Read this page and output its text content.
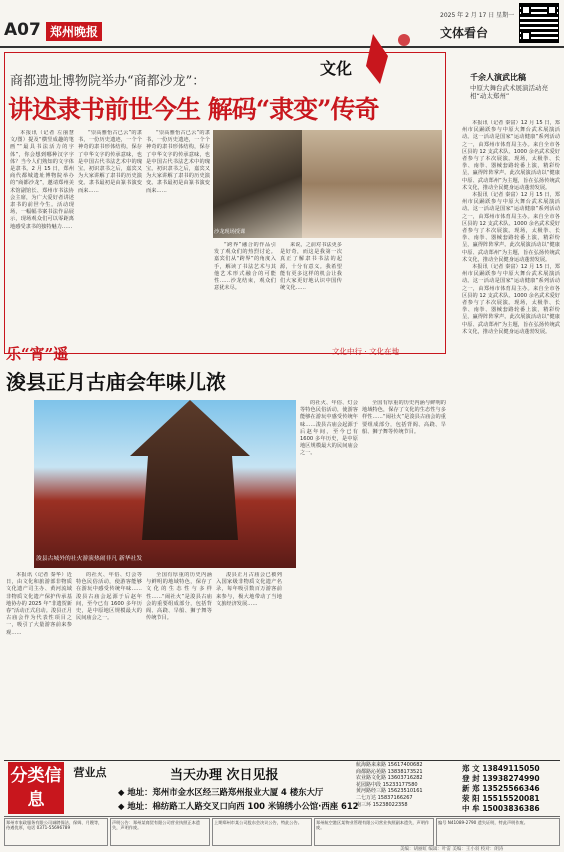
A07 郑州晚报
2025 年 2 月 17 日 星期一
文体看台
文化
商都遗址博物院举办“商都沙龙”：
讲述隶书前世今生 解码“隶变”传奇

本报讯（记者 左丽慧 文/图）提及“横竖成趣的笔画”“最具书法活力的字体”，你会想到哪种汉字字体？当今人们熟知的文字体是隶书。2 月 15 日，郑州商代都城遗址博物院举办的“商都沙龙”，邀请郑州美术馆副馆长、郑州市书法协会主席，为广大爱好者讲述隶书的前世今生。活动现场，一幅幅书案书法作品展示，现场观众们可以零距离地感受隶书的独特魅力……

“崇高雅怡古已云”的隶书，一份历史遗迹，一个个神奇的隶书形体结构，保存了中华文字的传承意味，也是中国古代书法艺术中的瑰宝。初识隶书之后，嘉宾又为大家讲解了隶书的历史演变。隶书最初是由篆书演变而来……

“崇高雅怡古已云”的隶书，一份历史遗迹，一个个神奇的隶书形体结构，保存了中华文字的传承意味，也是中国古代书法艺术中的瑰宝。初识隶书之后，嘉宾又为大家讲解了隶书的历史演变。隶书最初是由篆书演变而来……

沙龙现场授课

“跨界”融合的作品引发了观众们的热烈讨论。嘉宾们从“跨界”的角度入手，解读了书法艺术与其他艺术形式融合的可能性……沙龙结束，观众们意犹未尽。

来说，之前对书法更多是好奇，而这是我第一次真正了解隶书书法的起源，十分有意义。我希望能有更多这样的机会让我们大家更好地认识中国传统文化……

乐“宵”遥	文化中行 · 文化在地
浚县正月古庙会年味儿浓
浚县古城外的社火游演热闹非凡 新华社发

本报讯（记者 秦华）近日，由文化和旅游部非物质文化遗产司主办、黄河流域非物质文化遗产保护传承基地协办的 2025 年“非遗贺新春”活动正式启动。浚县正月古庙会作为代表性项目之一，吸引了大量游客前来参观……

的社火、年俗、灯会等特色民俗活动，使游客能够在游玩中感受传统年味……浚县古庙会起源于后赵年间，至今已有 1600 多年历史，是中原地区规模最大的民间庙会之一。

全国有厚重的历史内涵与鲜明的地域特色，保存了文化的生态性与多样性……“闹社火”是浚县古庙会的重要组成部分，包括背阁、高跷、旱船、狮子舞等传统节目。

浚县正月古庙会已被列入国家级非物质文化遗产名录，每年吸引数百万游客前来参与，极大地带动了当地文旅经济发展……

的社火、年俗、灯会等特色民俗活动，使游客能够在游玩中感受传统年味……浚县古庙会起源于后赵年间，至今已有 1600 多年历史，是中原地区规模最大的民间庙会之一。

全国有厚重的历史内涵与鲜明的地域特色，保存了文化的生态性与多样性……“闹社火”是浚县古庙会的重要组成部分，包括背阁、高跷、旱船、狮子舞等传统节目。

千余人演武比稿
中原大舞台武术展演活动亮相“动太郑州”

本报讯（记者 秦富）12 月 15 日，郑州市民踊跃参与中原大舞台武术展演活动。这一活动是国家“运动健康”系列活动之一，由郑州市体育局主办。来自全市各区县的 12 支武术队、1000 余名武术爱好者参与了本次展演。现场，太极拳、长拳、南拳、器械套路轮番上演，精彩纷呈，赢得阵阵掌声。此次展演活动以“健康中原、武动郑州”为主题，旨在弘扬传统武术文化，推动全民健身运动蓬勃发展。

本报讯（记者 秦富）12 月 15 日，郑州市民踊跃参与中原大舞台武术展演活动。这一活动是国家“运动健康”系列活动之一，由郑州市体育局主办。来自全市各区县的 12 支武术队、1000 余名武术爱好者参与了本次展演。现场，太极拳、长拳、南拳、器械套路轮番上演，精彩纷呈，赢得阵阵掌声。此次展演活动以“健康中原、武动郑州”为主题，旨在弘扬传统武术文化，推动全民健身运动蓬勃发展。

本报讯（记者 秦富）12 月 15 日，郑州市民踊跃参与中原大舞台武术展演活动。这一活动是国家“运动健康”系列活动之一，由郑州市体育局主办。来自全市各区县的 12 支武术队、1000 余名武术爱好者参与了本次展演。现场，太极拳、长拳、南拳、器械套路轮番上演，精彩纷呈，赢得阵阵掌声。此次展演活动以“健康中原、武动郑州”为主题，旨在弘扬传统武术文化，推动全民健身运动蓬勃发展。

分类信息
营业点	当天办理 次日见报
◆ 地址：郑州市金水区经三路郑州报业大厦 4 楼东大厅
◆ 地址：棉纺路工人路交叉口向西 100 米锦绣小公馆·西座 612
航海路来来路 15617400682
商都路沁苑路 13838173521
农业路文化路 13603716282
花园路中段 15233177580
黄河路经三路 15623510161
二七万达 15837166267
南三环 15238022358
郑 文 13849115050
登 封 13938274990
新 郑 13525566346
荥 阳 15515520081
中 牟 15003836386
郑州市家政服务有限公司诚聘保洁、保姆、月嫂等，待遇优厚，电话 0371-55696789
声明公告：郑州某商贸有限公司营业执照正本遗失，声明作废。
上期郑州市某公司股东会决议公告，特此公告。	郑州航空港区某物业管理有限公司营业执照副本遗失，声明作废。
编号 N41089-2790 遗失证明，特此声明作废。
美编：胡丽虹 编辑：叶雷 美编：王小羽 校对：朗涛
